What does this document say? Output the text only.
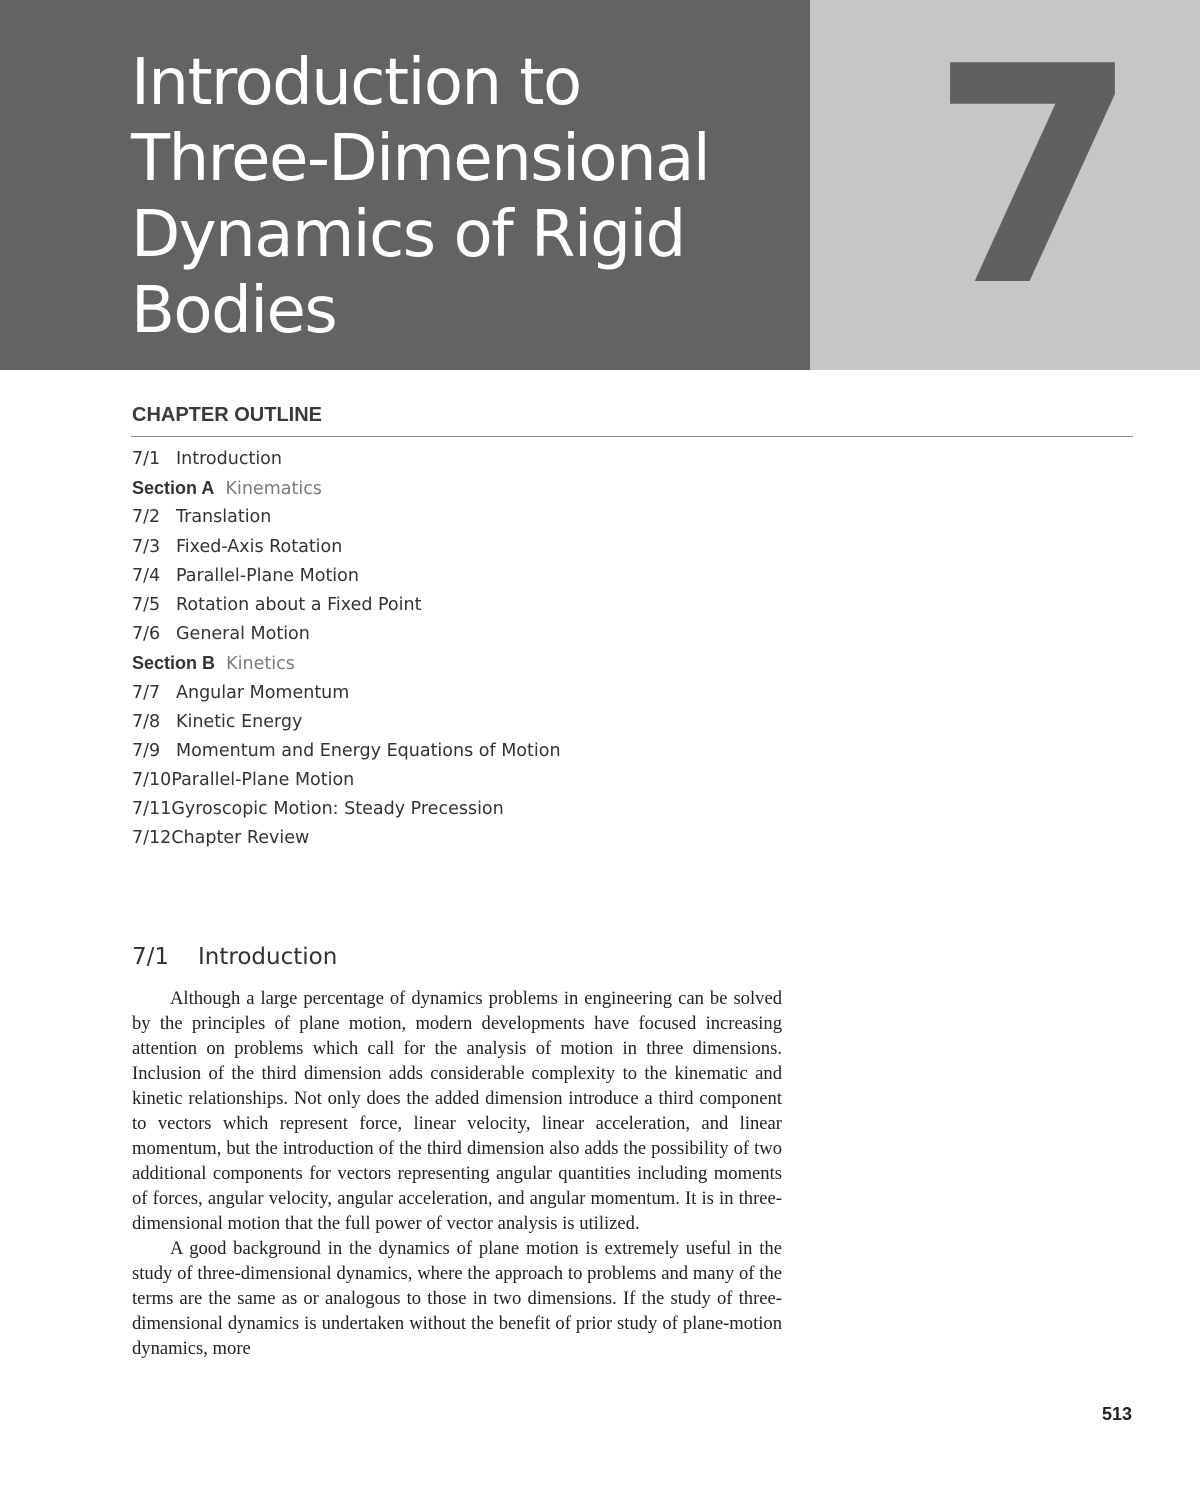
Introduction to
Three-Dimensional
Dynamics of Rigid
Bodies	7
CHAPTER OUTLINE
7/1 Introduction
Section A Kinematics
7/2 Translation
7/3 Fixed-Axis Rotation
7/4 Parallel-Plane Motion
7/5 Rotation about a Fixed Point
7/6 General Motion
Section B Kinetics
7/7 Angular Momentum
7/8 Kinetic Energy
7/9 Momentum and Energy Equations of Motion
7/10Parallel-Plane Motion
7/11Gyroscopic Motion: Steady Precession
7/12Chapter Review
7/1 Introduction

Although a large percentage of dynamics problems in engineering can be solved by the principles of plane motion, modern developments have focused increasing attention on problems which call for the analysis of motion in three dimensions. Inclusion of the third dimension adds considerable complexity to the kinematic and kinetic relationships. Not only does the added dimension introduce a third component to vectors which represent force, linear velocity, linear acceleration, and linear momentum, but the introduction of the third dimension also adds the possibility of two additional components for vectors representing angular quantities including moments of forces, angular velocity, angular acceleration, and angular momentum. It is in three-dimensional motion that the full power of vector analysis is utilized.

A good background in the dynamics of plane motion is extremely useful in the study of three-dimensional dynamics, where the approach to problems and many of the terms are the same as or analogous to those in two dimensions. If the study of three-dimensional dynamics is undertaken without the benefit of prior study of plane-motion dynamics, more

513
